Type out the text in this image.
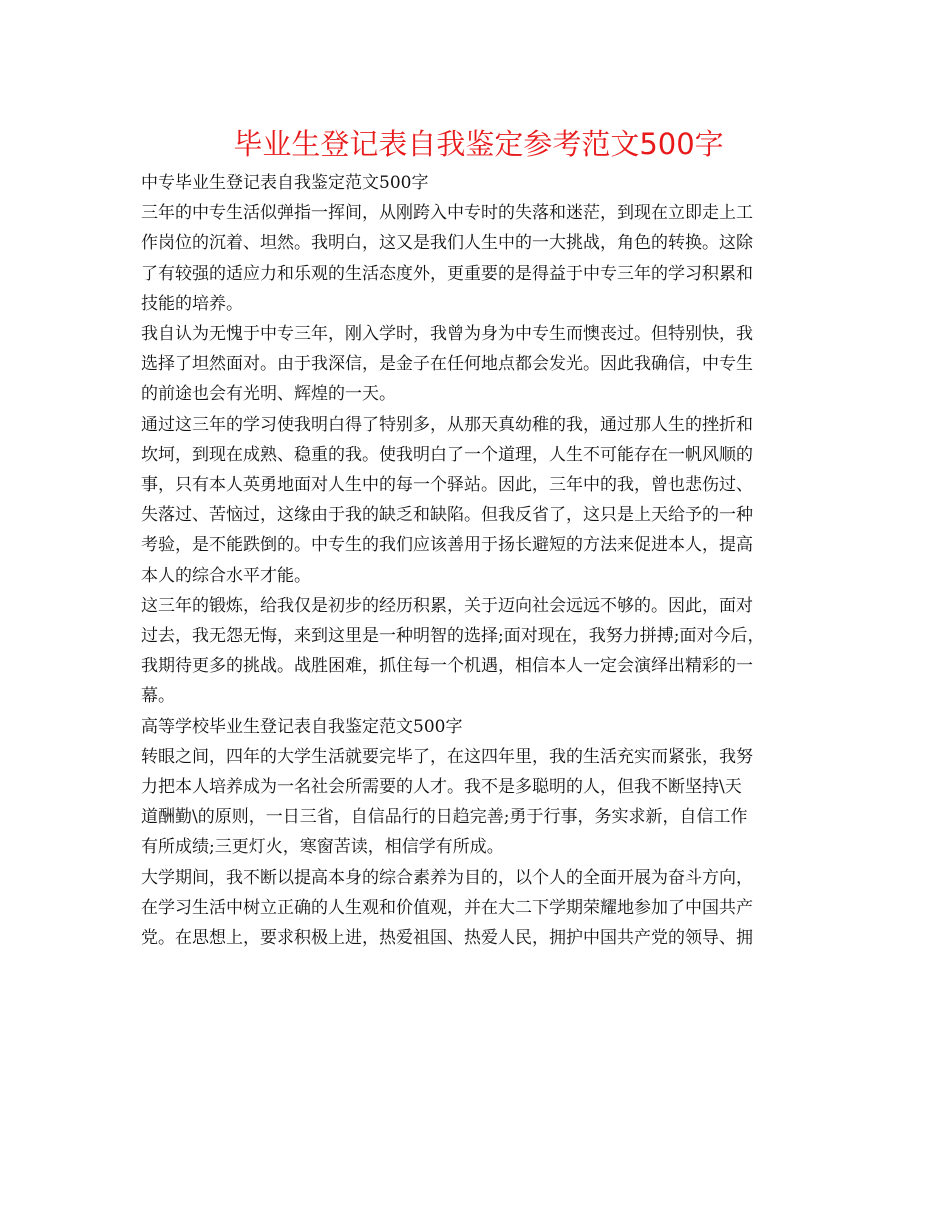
毕业生登记表自我鉴定参考范文500字

中专毕业生登记表自我鉴定范文500字

三年的中专生活似弹指一挥间，从刚跨入中专时的失落和迷茫，到现在立即走上工

作岗位的沉着、坦然。我明白，这又是我们人生中的一大挑战，角色的转换。这除

了有较强的适应力和乐观的生活态度外，更重要的是得益于中专三年的学习积累和

技能的培养。

我自认为无愧于中专三年，刚入学时，我曾为身为中专生而懊丧过。但特别快，我

选择了坦然面对。由于我深信，是金子在任何地点都会发光。因此我确信，中专生

的前途也会有光明、辉煌的一天。

通过这三年的学习使我明白得了特别多，从那天真幼稚的我，通过那人生的挫折和

坎坷，到现在成熟、稳重的我。使我明白了一个道理，人生不可能存在一帆风顺的

事，只有本人英勇地面对人生中的每一个驿站。因此，三年中的我，曾也悲伤过、

失落过、苦恼过，这缘由于我的缺乏和缺陷。但我反省了，这只是上天给予的一种

考验，是不能跌倒的。中专生的我们应该善用于扬长避短的方法来促进本人，提高

本人的综合水平才能。

这三年的锻炼，给我仅是初步的经历积累，关于迈向社会远远不够的。因此，面对

过去，我无怨无悔，来到这里是一种明智的选择;面对现在，我努力拼搏;面对今后，

我期待更多的挑战。战胜困难，抓住每一个机遇，相信本人一定会演绎出精彩的一

幕。

高等学校毕业生登记表自我鉴定范文500字

转眼之间，四年的大学生活就要完毕了，在这四年里，我的生活充实而紧张，我努

力把本人培养成为一名社会所需要的人才。我不是多聪明的人，但我不断坚持\天

道酬勤\的原则，一日三省，自信品行的日趋完善;勇于行事，务实求新，自信工作

有所成绩;三更灯火，寒窗苦读，相信学有所成。

大学期间，我不断以提高本身的综合素养为目的，以个人的全面开展为奋斗方向，

在学习生活中树立正确的人生观和价值观，并在大二下学期荣耀地参加了中国共产

党。在思想上，要求积极上进，热爱祖国、热爱人民，拥护中国共产党的领导、拥
